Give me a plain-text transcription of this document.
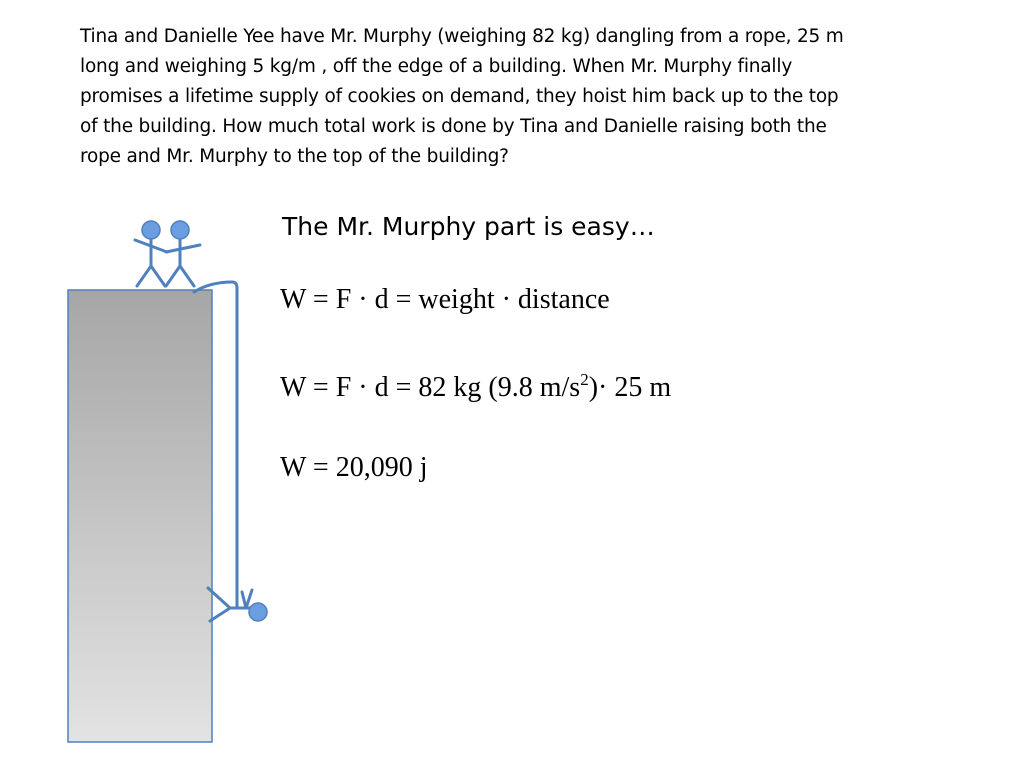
Tina and Danielle Yee have Mr. Murphy (weighing 82 kg) dangling from a rope, 25 m
long and weighing 5 kg/m , off the edge of a building. When Mr. Murphy finally
promises a lifetime supply of cookies on demand, they hoist him back up to the top
of the building. How much total work is done by Tina and Danielle raising both the
rope and Mr. Murphy to the top of the building?
The Mr. Murphy part is easy…
W = F · d = weight · distance
W = F · d = 82 kg (9.8 $m/s^2)\cdot 25$ m
W = 20,090 j
